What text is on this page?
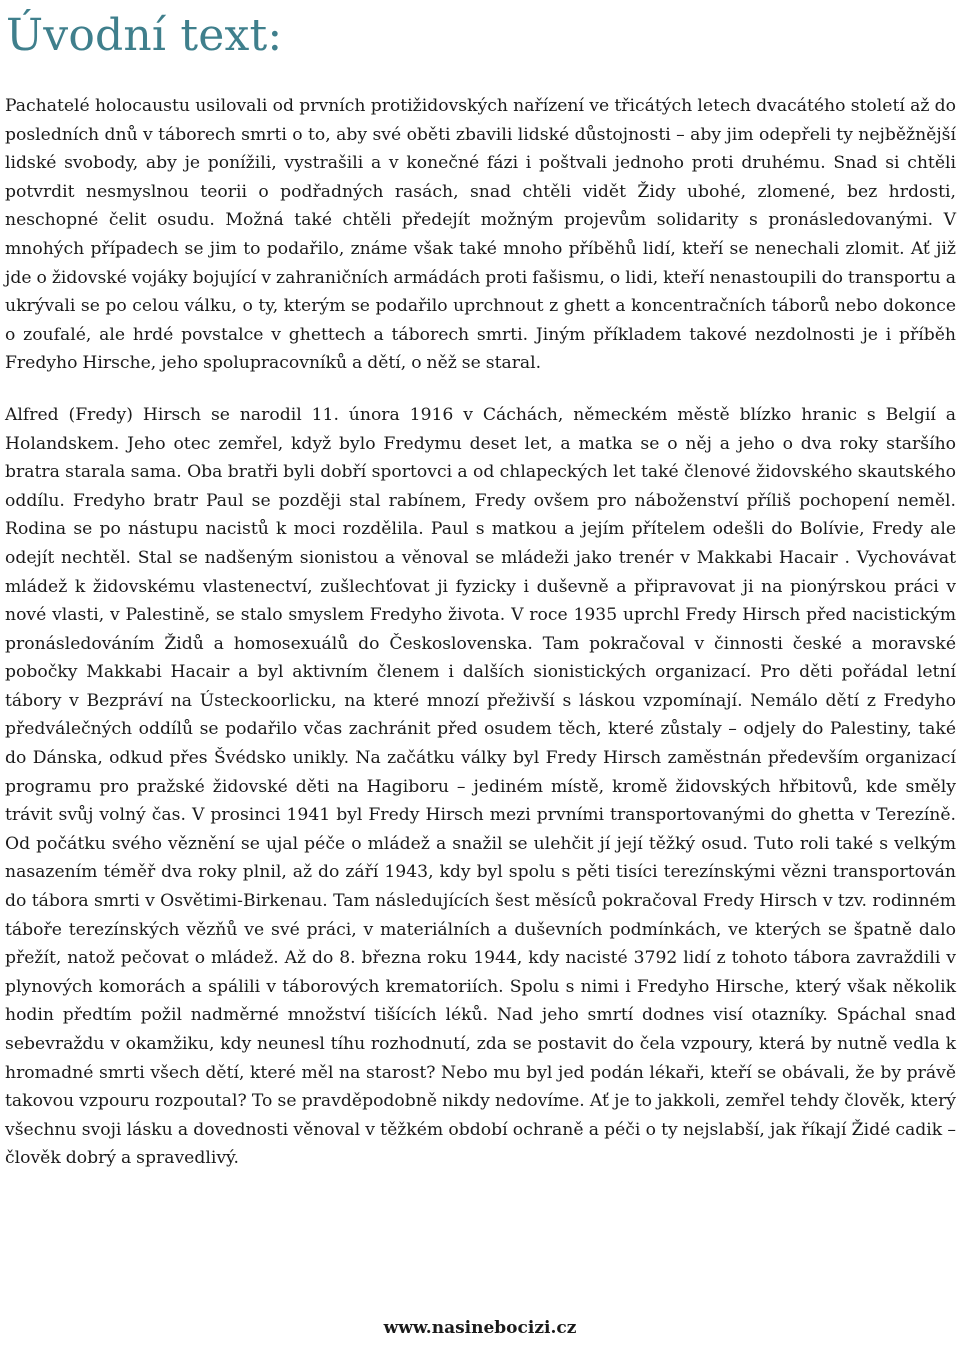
Úvodní text:

Pachatelé holocaustu usilovali od prvních protižidovských nařízení ve třicátých letech dvacátého století až do posledních dnů v táborech smrti o to, aby své oběti zbavili lidské důstojnosti – aby jim odepřeli ty nejběžnější lidské svobody, aby je ponížili, vystrašili a v konečné fázi i poštvali jednoho proti druhému. Snad si chtěli potvrdit nesmyslnou teorii o podřadných rasách, snad chtěli vidět Židy ubohé, zlomené, bez hrdosti, neschopné čelit osudu. Možná také chtěli předejít možným projevům solidarity s pronásledovanými. V mnohých případech se jim to podařilo, známe však také mnoho příběhů lidí, kteří se nenechali zlomit. Ať již jde o židovské vojáky bojující v zahraničních armádách proti fašismu, o lidi, kteří nenastoupili do transportu a ukrývali se po celou válku, o ty, kterým se podařilo uprchnout z ghett a koncentračních táborů nebo dokonce o zoufalé, ale hrdé povstalce v ghettech a táborech smrti. Jiným příkladem takové nezdolnosti je i příběh Fredyho Hirsche, jeho spolupracovníků a dětí, o něž se staral.

Alfred (Fredy) Hirsch se narodil 11. února 1916 v Cáchách, německém městě blízko hranic s Belgií a Holandskem. Jeho otec zemřel, když bylo Fredymu deset let, a matka se o něj a jeho o dva roky staršího bratra starala sama. Oba bratři byli dobří sportovci a od chlapeckých let také členové židovského skautského oddílu. Fredyho bratr Paul se později stal rabínem, Fredy ovšem pro náboženství příliš pochopení neměl. Rodina se po nástupu nacistů k moci rozdělila. Paul s matkou a jejím přítelem odešli do Bolívie, Fredy ale odejít nechtěl. Stal se nadšeným sionistou a věnoval se mládeži jako trenér v Makkabi Hacair . Vychovávat mládež k židovskému vlastenectví, zušlechťovat ji fyzicky i duševně a připravovat ji na pionýrskou práci v nové vlasti, v Palestině, se stalo smyslem Fredyho života. V roce 1935 uprchl Fredy Hirsch před nacistickým pronásledováním Židů a homosexuálů do Československa. Tam pokračoval v činnosti české a moravské pobočky Makkabi Hacair a byl aktivním členem i dalších sionistických organizací. Pro děti pořádal letní tábory v Bezpráví na Ústeckoorlicku, na které mnozí přeživší s láskou vzpomínají. Nemálo dětí z Fredyho předválečných oddílů se podařilo včas zachránit před osudem těch, které zůstaly – odjely do Palestiny, také do Dánska, odkud přes Švédsko unikly. Na začátku války byl Fredy Hirsch zaměstnán především organizací programu pro pražské židovské děti na Hagiboru – jediném místě, kromě židovských hřbitovů, kde směly trávit svůj volný čas. V prosinci 1941 byl Fredy Hirsch mezi prvními transportovanými do ghetta v Terezíně. Od počátku svého věznění se ujal péče o mládež a snažil se ulehčit jí její těžký osud. Tuto roli také s velkým nasazením téměř dva roky plnil, až do září 1943, kdy byl spolu s pěti tisíci terezínskými vězni transportován do tábora smrti v Osvětimi-Birkenau. Tam následujících šest měsíců pokračoval Fredy Hirsch v tzv. rodinném táboře terezínských vězňů ve své práci, v materiálních a duševních podmínkách, ve kterých se špatně dalo přežít, natož pečovat o mládež. Až do 8. března roku 1944, kdy nacisté 3792 lidí z tohoto tábora zavraždili v plynových komorách a spálili v táborových krematoriích. Spolu s nimi i Fredyho Hirsche, který však několik hodin předtím požil nadměrné množství tišících léků. Nad jeho smrtí dodnes visí otazníky. Spáchal snad sebevraždu v okamžiku, kdy neunesl tíhu rozhodnutí, zda se postavit do čela vzpoury, která by nutně vedla k hromadné smrti všech dětí, které měl na starost? Nebo mu byl jed podán lékaři, kteří se obávali, že by právě takovou vzpouru rozpoutal? To se pravděpodobně nikdy nedovíme. Ať je to jakkoli, zemřel tehdy člověk, který všechnu svoji lásku a dovednosti věnoval v těžkém období ochraně a péči o ty nejslabší, jak říkají Židé cadik – člověk dobrý a spravedlivý.

www.nasinebocizi.cz
